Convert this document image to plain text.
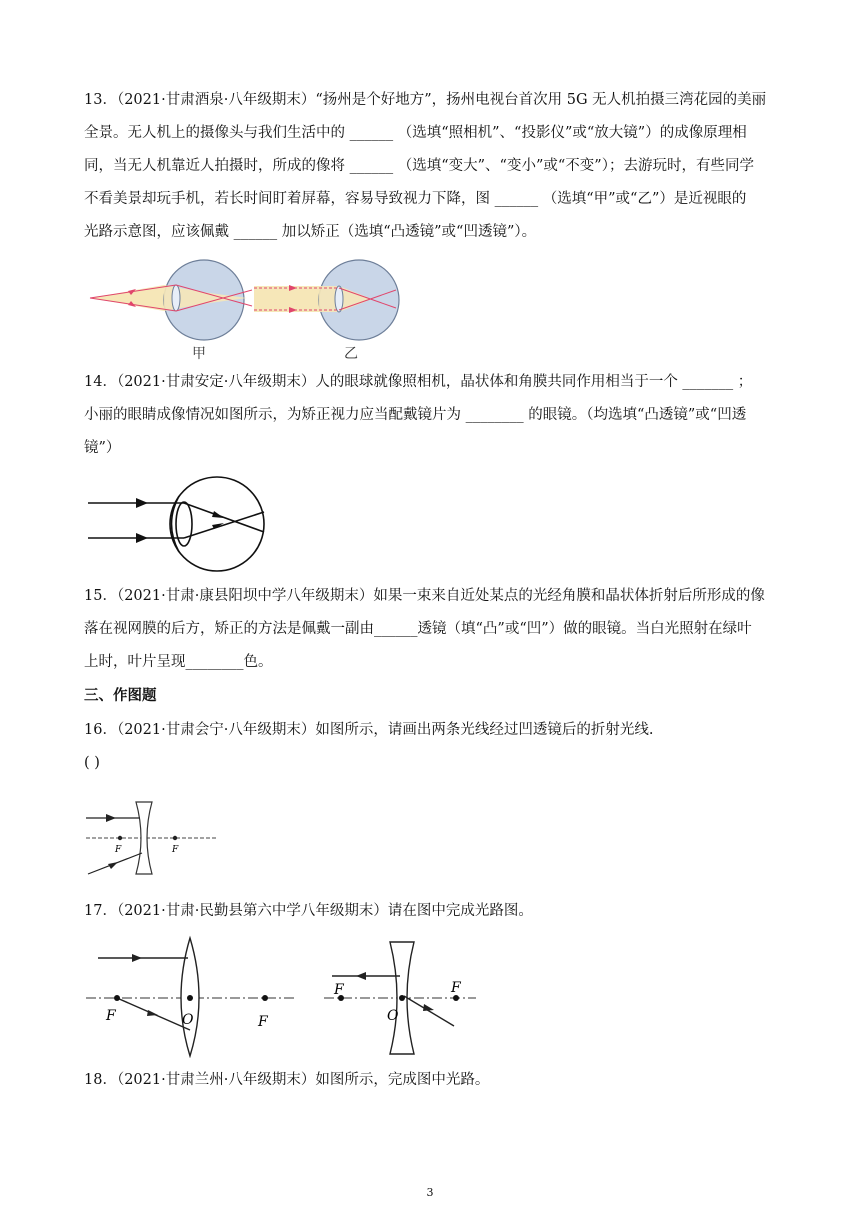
13．（2021·甘肃酒泉·八年级期末）“扬州是个好地方”，扬州电视台首次用 5G 无人机拍摄三湾花园的美丽
全景。无人机上的摄像头与我们生活中的 ______ （选填“照相机”、“投影仪”或“放大镜”）的成像原理相
同，当无人机靠近人拍摄时，所成的像将 ______ （选填“变大”、“变小”或“不变”）；去游玩时，有些同学
不看美景却玩手机，若长时间盯着屏幕，容易导致视力下降，图 ______ （选填“甲”或“乙”）是近视眼的
光路示意图，应该佩戴 ______ 加以矫正（选填“凸透镜”或“凹透镜”）。
甲	乙
14．（2021·甘肃安定·八年级期末）人的眼球就像照相机，晶状体和角膜共同作用相当于一个 _______ ；
小丽的眼睛成像情况如图所示，为矫正视力应当配戴镜片为 ________ 的眼镜。（均选填“凸透镜”或“凹透
镜”）
15．（2021·甘肃·康县阳坝中学八年级期末）如果一束来自近处某点的光经角膜和晶状体折射后所形成的像
落在视网膜的后方，矫正的方法是佩戴一副由______透镜（填“凸”或“凹”）做的眼镜。当白光照射在绿叶
上时，叶片呈现________色。
三、作图题
16．（2021·甘肃会宁·八年级期末）如图所示，请画出两条光线经过凹透镜后的折射光线.
( )
F	F
17．（2021·甘肃·民勤县第六中学八年级期末）请在图中完成光路图。
F	O	F
F
O
F
18．（2021·甘肃兰州·八年级期末）如图所示，完成图中光路。
3
